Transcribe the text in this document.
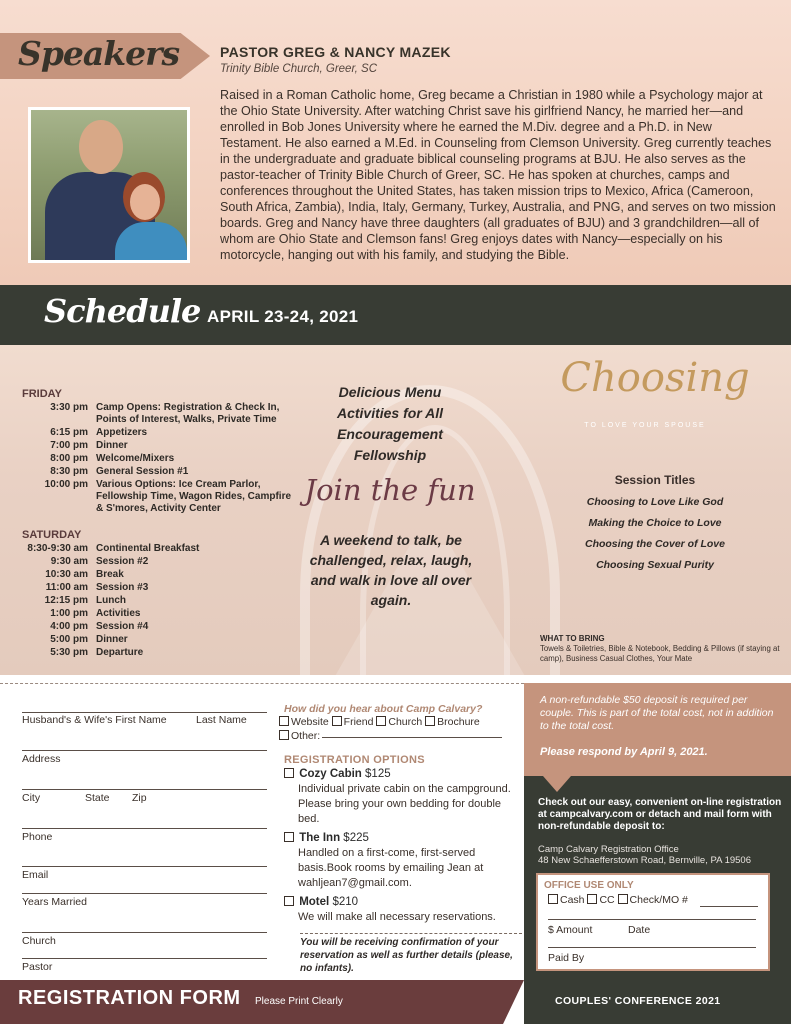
Speakers	PASTOR GREG & NANCY MAZEK
Trinity Bible Church, Greer, SC

Raised in a Roman Catholic home, Greg became a Christian in 1980 while a Psychology major at the Ohio State University. After watching Christ save his girlfriend Nancy, he married her—and enrolled in Bob Jones University where he earned the M.Div. degree and a Ph.D. in New Testament. He also earned a M.Ed. in Counseling from Clemson University. Greg currently teaches in the undergraduate and graduate biblical counseling programs at BJU. He also serves as the pastor-teacher of Trinity Bible Church of Greer, SC. He has spoken at churches, camps and conferences throughout the United States, has taken mission trips to Mexico, Africa (Cameroon, South Africa, Zambia), India, Italy, Germany, Turkey, Australia, and PNG, and serves on two mission boards. Greg and Nancy have three daughters (all graduates of BJU) and 3 grandchildren—all of whom are Ohio State and Clemson fans! Greg enjoys dates with Nancy—especially on his motorcycle, hanging out with his family, and studying the Bible.

Schedule APRIL 23-24, 2021
FRIDAY
3:30 pm Camp Opens: Registration & Check In, Points of Interest, Walks, Private Time
6:15 pm Appetizers
7:00 pm Dinner
8:00 pm Welcome/Mixers
8:30 pm General Session #1
10:00 pm Various Options: Ice Cream Parlor, Fellowship Time, Wagon Rides, Campfire & S'mores, Activity Center
SATURDAY
8:30-9:30 am Continental Breakfast
9:30 am Session #2
10:30 am Break
11:00 am Session #3
12:15 pm Lunch
1:00 pm Activities
4:00 pm Session #4
5:00 pm Dinner
5:30 pm Departure
Delicious Menu
Activities for All
Encouragement
Fellowship
Join the fun
A weekend to talk, be challenged, relax, laugh, and walk in love all over again.
Choosing
TO LOVE YOUR SPOUSE
Session Titles
Choosing to Love Like God
Making the Choice to Love
Choosing the Cover of Love
Choosing Sexual Purity
WHAT TO BRING
Towels & Toiletries, Bible & Notebook, Bedding & Pillows (if staying at camp), Business Casual Clothes, Your Mate
Husband's & Wife's First Name	Last Name
Address
City	State Zip
Phone
Email
Years Married
Church
Pastor
How did you hear about Camp Calvary?
Website Friend Church Brochure
Other:
REGISTRATION OPTIONS
Cozy Cabin $125
Individual private cabin on the campground. Please bring your own bedding for double bed.
The Inn $225
Handled on a first-come, first-served basis.Book rooms by emailing Jean at wahljean7@gmail.com.
Motel $210
We will make all necessary reservations.
You will be receiving confirmation of your reservation as well as further details (please, no infants).
A non-refundable $50 deposit is required per couple. This is part of the total cost, not in addition to the total cost.
Please respond by April 9, 2021.
Check out our easy, convenient on-line registration at campcalvary.com or detach and mail form with non-refundable deposit to:
Camp Calvary Registration Office
48 New Schaefferstown Road, Bernville, PA 19506
OFFICE USE ONLY
Cash CC Check/MO #
$ Amount	Date
Paid By
REGISTRATION FORM Please Print Clearly	COUPLES' CONFERENCE 2021
